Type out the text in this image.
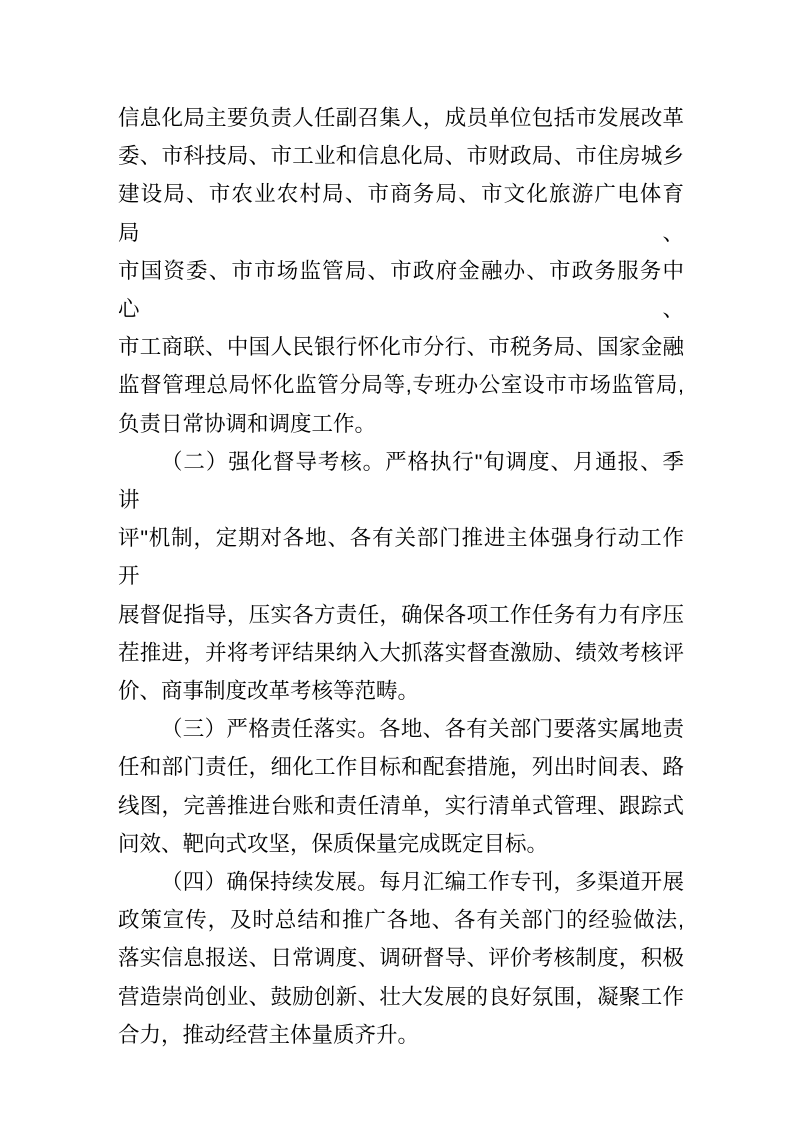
信息化局主要负责人任副召集人，成员单位包括市发展改革
委、市科技局、市工业和信息化局、市财政局、市住房城乡
建设局、市农业农村局、市商务局、市文化旅游广电体育局、
市国资委、市市场监管局、市政府金融办、市政务服务中心、
市工商联、中国人民银行怀化市分行、市税务局、国家金融
监督管理总局怀化监管分局等,专班办公室设市市场监管局,
负责日常协调和调度工作。

（二）强化督导考核。严格执行"旬调度、月通报、季讲
评"机制，定期对各地、各有关部门推进主体强身行动工作开
展督促指导，压实各方责任，确保各项工作任务有力有序压
茬推进，并将考评结果纳入大抓落实督查激励、绩效考核评
价、商事制度改革考核等范畴。

（三）严格责任落实。各地、各有关部门要落实属地责
任和部门责任，细化工作目标和配套措施，列出时间表、路
线图，完善推进台账和责任清单，实行清单式管理、跟踪式
问效、靶向式攻坚，保质保量完成既定目标。

（四）确保持续发展。每月汇编工作专刊，多渠道开展
政策宣传，及时总结和推广各地、各有关部门的经验做法,
落实信息报送、日常调度、调研督导、评价考核制度，积极
营造崇尚创业、鼓励创新、壮大发展的良好氛围，凝聚工作
合力，推动经营主体量质齐升。
